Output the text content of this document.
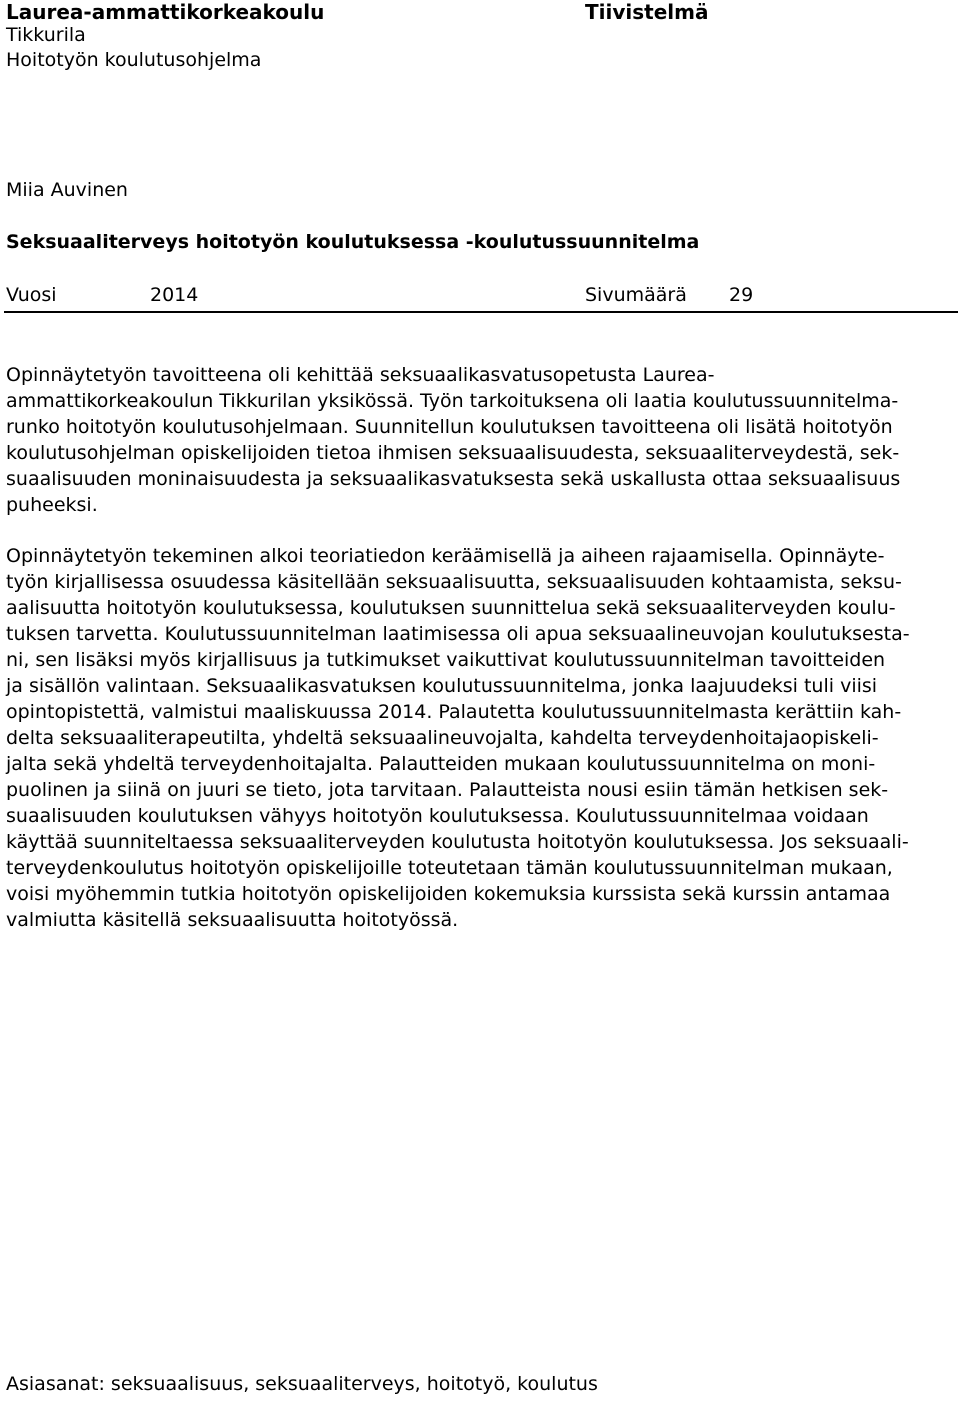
Laurea-ammattikorkeakoulu	Tiivistelmä
Tikkurila
Hoitotyön koulutusohjelma
Miia Auvinen
Seksuaaliterveys hoitotyön koulutuksessa -koulutussuunnitelma
Vuosi	2014	Sivumäärä 29
Opinnäytetyön tavoitteena oli kehittää seksuaalikasvatusopetusta Laurea-
ammattikorkeakoulun Tikkurilan yksikössä. Työn tarkoituksena oli laatia koulutussuunnitelma-
runko hoitotyön koulutusohjelmaan. Suunnitellun koulutuksen tavoitteena oli lisätä hoitotyön
koulutusohjelman opiskelijoiden tietoa ihmisen seksuaalisuudesta, seksuaaliterveydestä, sek-
suaalisuuden moninaisuudesta ja seksuaalikasvatuksesta sekä uskallusta ottaa seksuaalisuus
puheeksi.
Opinnäytetyön tekeminen alkoi teoriatiedon keräämisellä ja aiheen rajaamisella. Opinnäyte-
työn kirjallisessa osuudessa käsitellään seksuaalisuutta, seksuaalisuuden kohtaamista, seksu-
aalisuutta hoitotyön koulutuksessa, koulutuksen suunnittelua sekä seksuaaliterveyden koulu-
tuksen tarvetta. Koulutussuunnitelman laatimisessa oli apua seksuaalineuvojan koulutuksesta-
ni, sen lisäksi myös kirjallisuus ja tutkimukset vaikuttivat koulutussuunnitelman tavoitteiden
ja sisällön valintaan. Seksuaalikasvatuksen koulutussuunnitelma, jonka laajuudeksi tuli viisi
opintopistettä, valmistui maaliskuussa 2014. Palautetta koulutussuunnitelmasta kerättiin kah-
delta seksuaaliterapeutilta, yhdeltä seksuaalineuvojalta, kahdelta terveydenhoitajaopiskeli-
jalta sekä yhdeltä terveydenhoitajalta. Palautteiden mukaan koulutussuunnitelma on moni-
puolinen ja siinä on juuri se tieto, jota tarvitaan. Palautteista nousi esiin tämän hetkisen sek-
suaalisuuden koulutuksen vähyys hoitotyön koulutuksessa. Koulutussuunnitelmaa voidaan
käyttää suunniteltaessa seksuaaliterveyden koulutusta hoitotyön koulutuksessa. Jos seksuaali-
terveydenkoulutus hoitotyön opiskelijoille toteutetaan tämän koulutussuunnitelman mukaan,
voisi myöhemmin tutkia hoitotyön opiskelijoiden kokemuksia kurssista sekä kurssin antamaa
valmiutta käsitellä seksuaalisuutta hoitotyössä.
Asiasanat: seksuaalisuus, seksuaaliterveys, hoitotyö, koulutus
